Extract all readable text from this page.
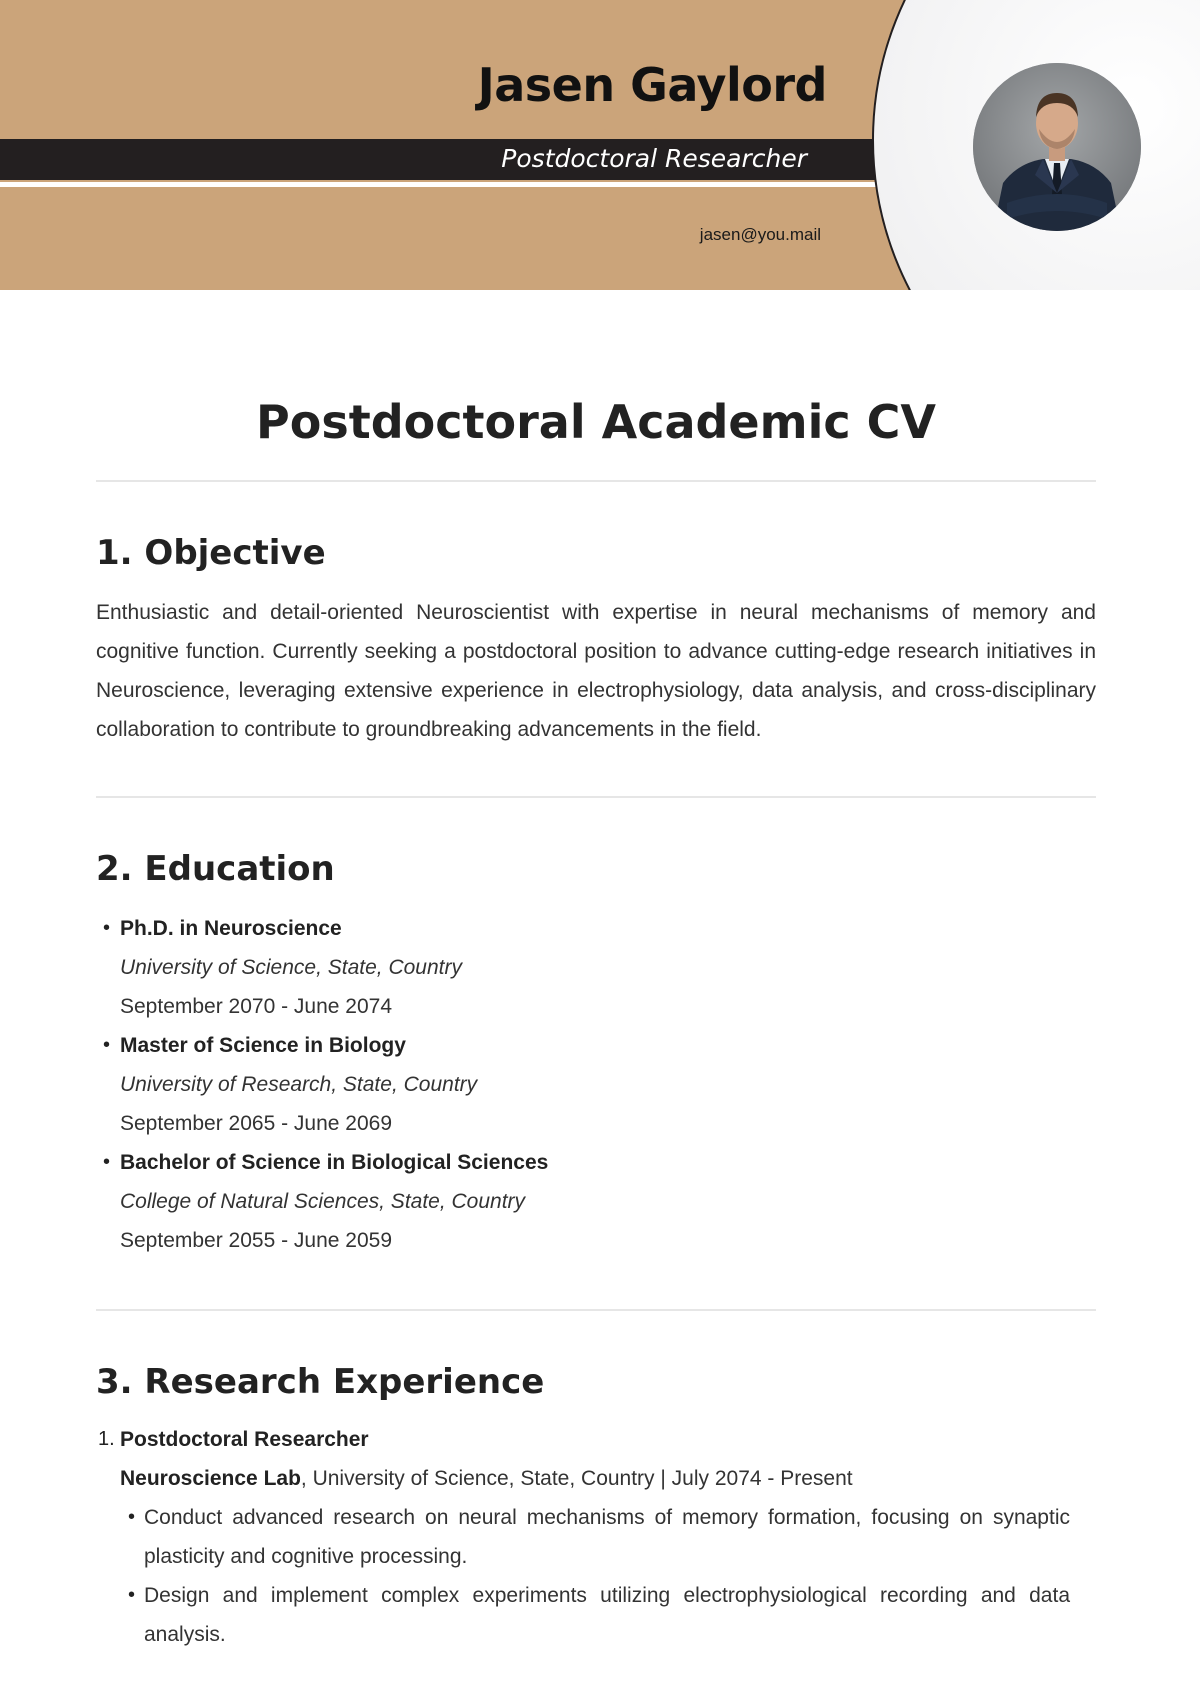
Jasen Gaylord

Postdoctoral Researcher

jasen@you.mail

Postdoctoral Academic CV
1. Objective

Enthusiastic and detail-oriented Neuroscientist with expertise in neural mechanisms of memory and cognitive function. Currently seeking a postdoctoral position to advance cutting-edge research initiatives in Neuroscience, leveraging extensive experience in electrophysiology, data analysis, and cross-disciplinary collaboration to contribute to groundbreaking advancements in the field.

2. Education
• Ph.D. in Neuroscience
University of Science, State, Country
September 2070 - June 2074
• Master of Science in Biology
University of Research, State, Country
September 2065 - June 2069
• Bachelor of Science in Biological Sciences
College of Natural Sciences, State, Country
September 2055 - June 2059
3. Research Experience
1. Postdoctoral Researcher
Neuroscience Lab, University of Science, State, Country | July 2074 - Present
• Conduct advanced research on neural mechanisms of memory formation, focusing on synaptic plasticity and cognitive processing.
• Design and implement complex experiments utilizing electrophysiological recording and data analysis.
